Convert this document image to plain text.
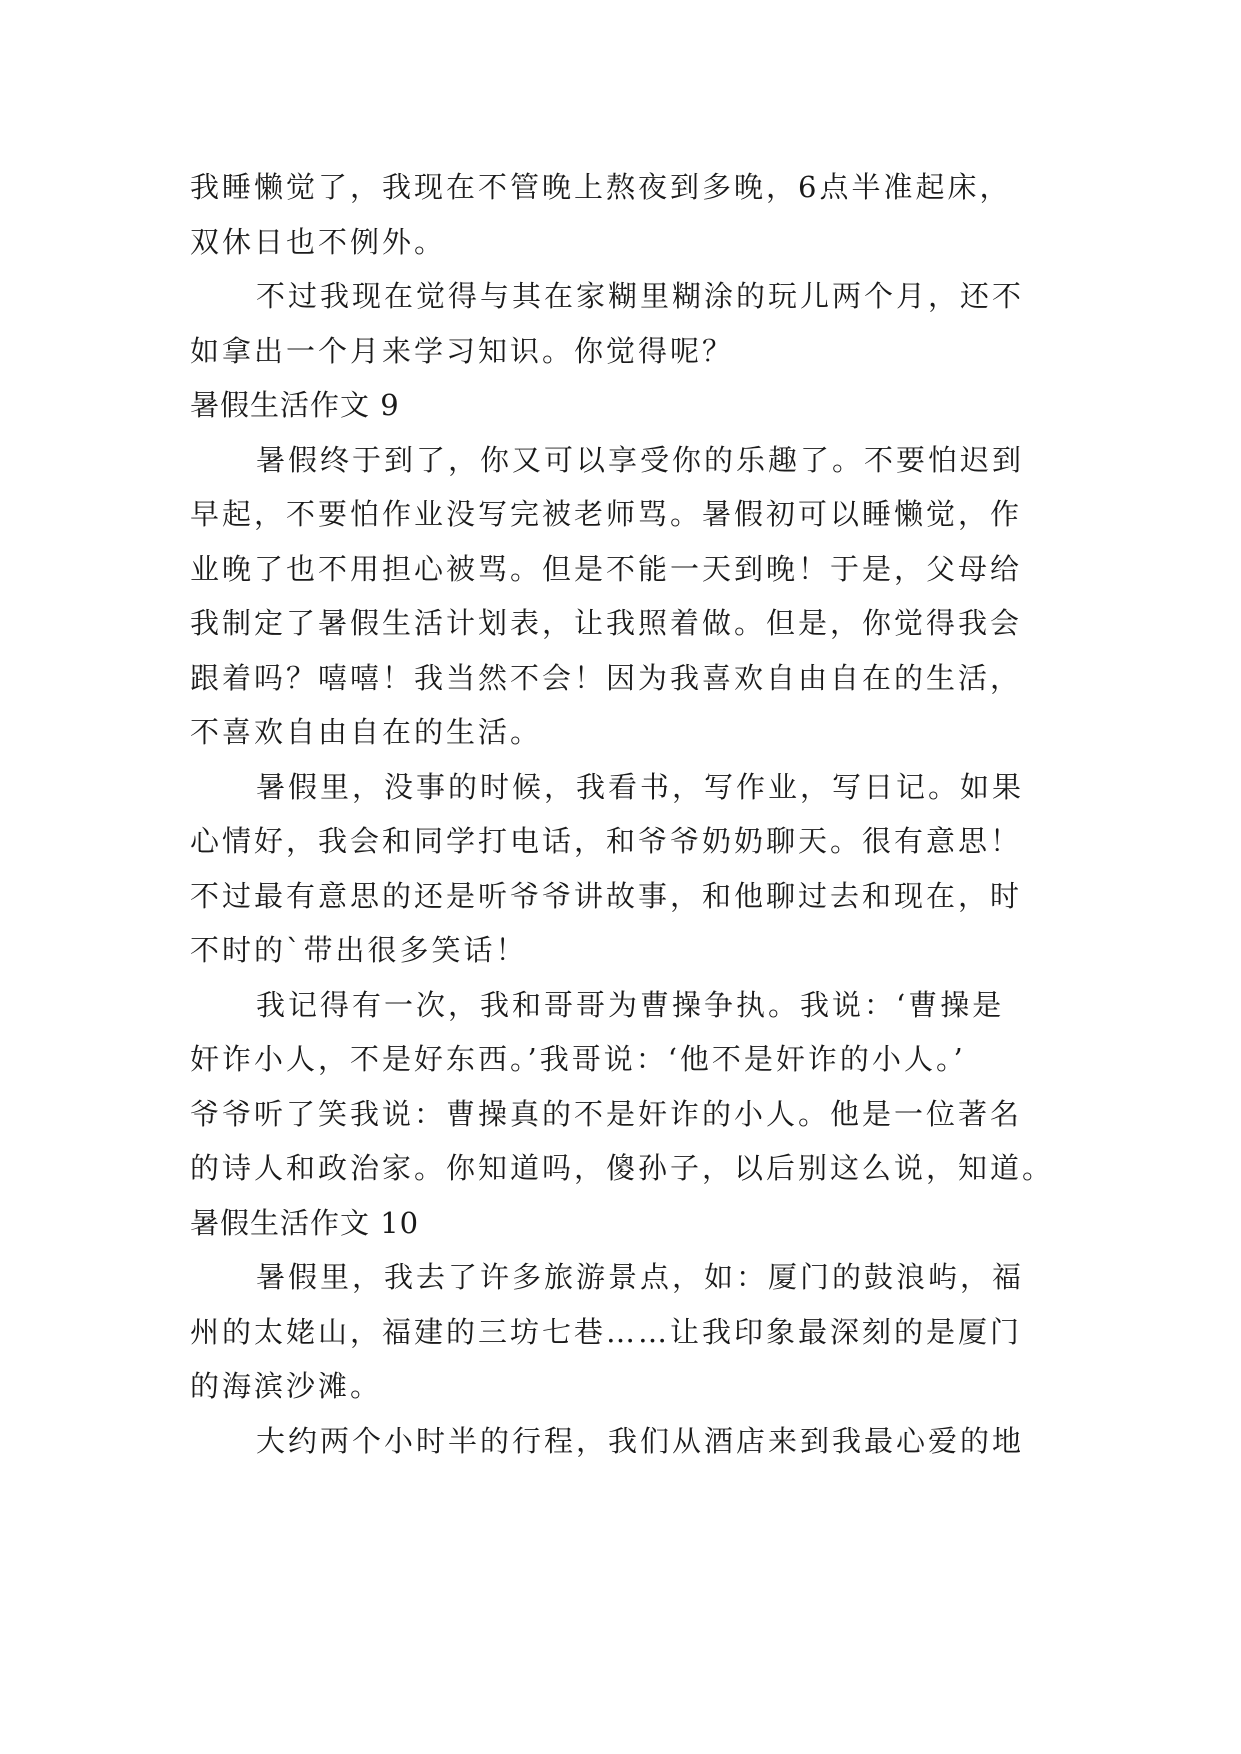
我睡懒觉了，我现在不管晚上熬夜到多晚，6点半准起床，
双休日也不例外。
不过我现在觉得与其在家糊里糊涂的玩儿两个月，还不
如拿出一个月来学习知识。你觉得呢？
暑假生活作文 9
暑假终于到了，你又可以享受你的乐趣了。不要怕迟到
早起，不要怕作业没写完被老师骂。暑假初可以睡懒觉，作
业晚了也不用担心被骂。但是不能一天到晚！于是，父母给
我制定了暑假生活计划表，让我照着做。但是，你觉得我会
跟着吗？嘻嘻！我当然不会！因为我喜欢自由自在的生活，
不喜欢自由自在的生活。
暑假里，没事的时候，我看书，写作业，写日记。如果
心情好，我会和同学打电话，和爷爷奶奶聊天。很有意思！
不过最有意思的还是听爷爷讲故事，和他聊过去和现在，时
不时的`带出很多笑话！
我记得有一次，我和哥哥为曹操争执。我说：‘曹操是
奸诈小人，不是好东西。’我哥说：‘他不是奸诈的小人。’
爷爷听了笑我说：曹操真的不是奸诈的小人。他是一位著名
的诗人和政治家。你知道吗，傻孙子，以后别这么说，知道。
暑假生活作文 10
暑假里，我去了许多旅游景点，如：厦门的鼓浪屿，福
州的太姥山，福建的三坊七巷……让我印象最深刻的是厦门
的海滨沙滩。
大约两个小时半的行程，我们从酒店来到我最心爱的地
